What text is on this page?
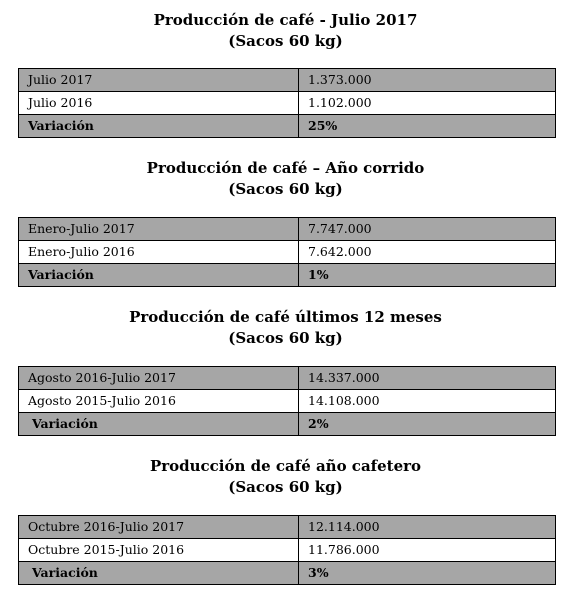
Producción de café - Julio 2017

(Sacos 60 kg)

Julio 2017	1.373.000
Julio 2016	1.102.000
Variación	25%

Producción de café – Año corrido

(Sacos 60 kg)

Enero-Julio 2017	7.747.000
Enero-Julio 2016	7.642.000
Variación	1%

Producción de café últimos 12 meses

(Sacos 60 kg)

Agosto 2016-Julio 2017	14.337.000
Agosto 2015-Julio 2016	14.108.000
Variación	2%

Producción de café año cafetero

(Sacos 60 kg)

Octubre 2016-Julio 2017	12.114.000
Octubre 2015-Julio 2016	11.786.000
Variación	3%
